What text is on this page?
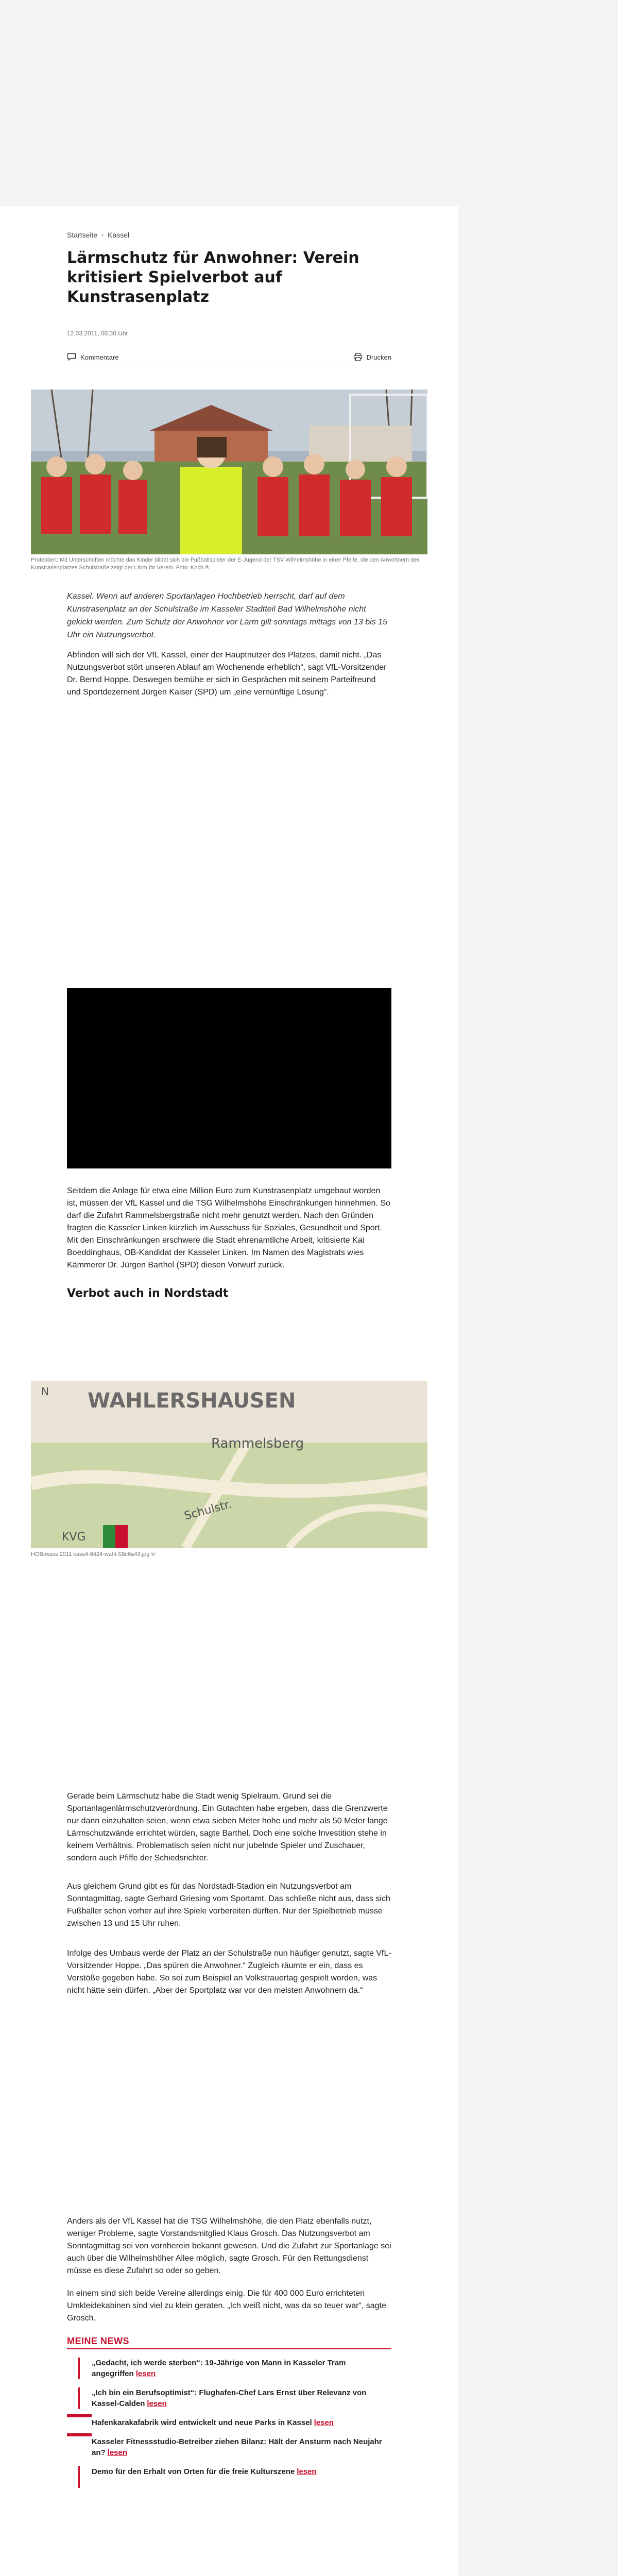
Startseite › Kassel
Lärmschutz für Anwohner: Verein kritisiert Spielverbot auf Kunstrasenplatz
12.03.2011, 06:30 Uhr
Kommentare	Drucken
Protestiert: Mit Unterschriften möchte das Kinder bildet sich die Fußballspieler der E-Jugend der TSV Wilhelmshöhe in einer Pfeife, die den Anwohnern des Kunstrasenplatzes Schulstraße zeigt der Lärm Ihr Verein. Foto: Koch ®

Kassel. Wenn auf anderen Sportanlagen Hochbetrieb herrscht, darf auf dem Kunstrasenplatz an der Schulstraße im Kasseler Stadtteil Bad Wilhelmshöhe nicht gekickt werden. Zum Schutz der Anwohner vor Lärm gilt sonntags mittags von 13 bis 15 Uhr ein Nutzungsverbot.

Abfinden will sich der VfL Kassel, einer der Hauptnutzer des Platzes, damit nicht. „Das Nutzungsverbot stört unseren Ablauf am Wochenende erheblich“, sagt VfL-Vorsitzender Dr. Bernd Hoppe. Deswegen bemühe er sich in Gesprächen mit seinem Parteifreund und Sportdezernent Jürgen Kaiser (SPD) um „eine vernünftige Lösung“.

Seitdem die Anlage für etwa eine Million Euro zum Kunstrasenplatz umgebaut worden ist, müssen der VfL Kassel und die TSG Wilhelmshöhe Einschränkungen hinnehmen. So darf die Zufahrt Rammelsbergstraße nicht mehr genutzt werden. Nach den Gründen fragten die Kasseler Linken kürzlich im Ausschuss für Soziales, Gesundheit und Sport. Mit den Einschränkungen erschwere die Stadt ehrenamtliche Arbeit, kritisierte Kai Boeddinghaus, OB-Kandidat der Kasseler Linken. Im Namen des Magistrats wies Kämmerer Dr. Jürgen Barthel (SPD) diesen Vorwurf zurück.

Verbot auch in Nordstadt
N WAHLERSHAUSEN
Rammelsberg
Schulstr.
KVG
HOBnkass 2011 kass4-8424-wahl-S8c6a43.jpg ®

Gerade beim Lärmschutz habe die Stadt wenig Spielraum. Grund sei die Sportanlagenlärmschutzverordnung. Ein Gutachten habe ergeben, dass die Grenzwerte nur dann einzuhalten seien, wenn etwa sieben Meter hohe und mehr als 50 Meter lange Lärmschutzwände errichtet würden, sagte Barthel. Doch eine solche Investition stehe in keinem Verhältnis. Problematisch seien nicht nur jubelnde Spieler und Zuschauer, sondern auch Pfiffe der Schiedsrichter.

Aus gleichem Grund gibt es für das Nordstadt-Stadion ein Nutzungsverbot am Sonntagmittag, sagte Gerhard Griesing vom Sportamt. Das schließe nicht aus, dass sich Fußballer schon vorher auf ihre Spiele vorbereiten dürften. Nur der Spielbetrieb müsse zwischen 13 und 15 Uhr ruhen.

Infolge des Umbaus werde der Platz an der Schulstraße nun häufiger genutzt, sagte VfL-Vorsitzender Hoppe. „Das spüren die Anwohner.“ Zugleich räumte er ein, dass es Verstöße gegeben habe. So sei zum Beispiel an Volkstrauertag gespielt worden, was nicht hätte sein dürfen. „Aber der Sportplatz war vor den meisten Anwohnern da.“

Anders als der VfL Kassel hat die TSG Wilhelmshöhe, die den Platz ebenfalls nutzt, weniger Probleme, sagte Vorstandsmitglied Klaus Grosch. Das Nutzungsverbot am Sonntagmittag sei von vornherein bekannt gewesen. Und die Zufahrt zur Sportanlage sei auch über die Wilhelmshöher Allee möglich, sagte Grosch. Für den Rettungsdienst müsse es diese Zufahrt so oder so geben.

In einem sind sich beide Vereine allerdings einig. Die für 400 000 Euro errichteten Umkleidekabinen sind viel zu klein geraten. „Ich weiß nicht, was da so teuer war“, sagte Grosch.

MEINE NEWS
„Gedacht, ich werde sterben“: 19-Jährige von Mann in Kasseler Tram angegriffen lesen
„Ich bin ein Berufsoptimist“: Flughafen-Chef Lars Ernst über Relevanz von Kassel-Calden lesen
Hafenkarakafabrik wird entwickelt und neue Parks in Kassel lesen
Kasseler Fitnessstudio-Betreiber ziehen Bilanz: Hält der Ansturm nach Neujahr an? lesen
Demo für den Erhalt von Orten für die freie Kulturszene lesen
